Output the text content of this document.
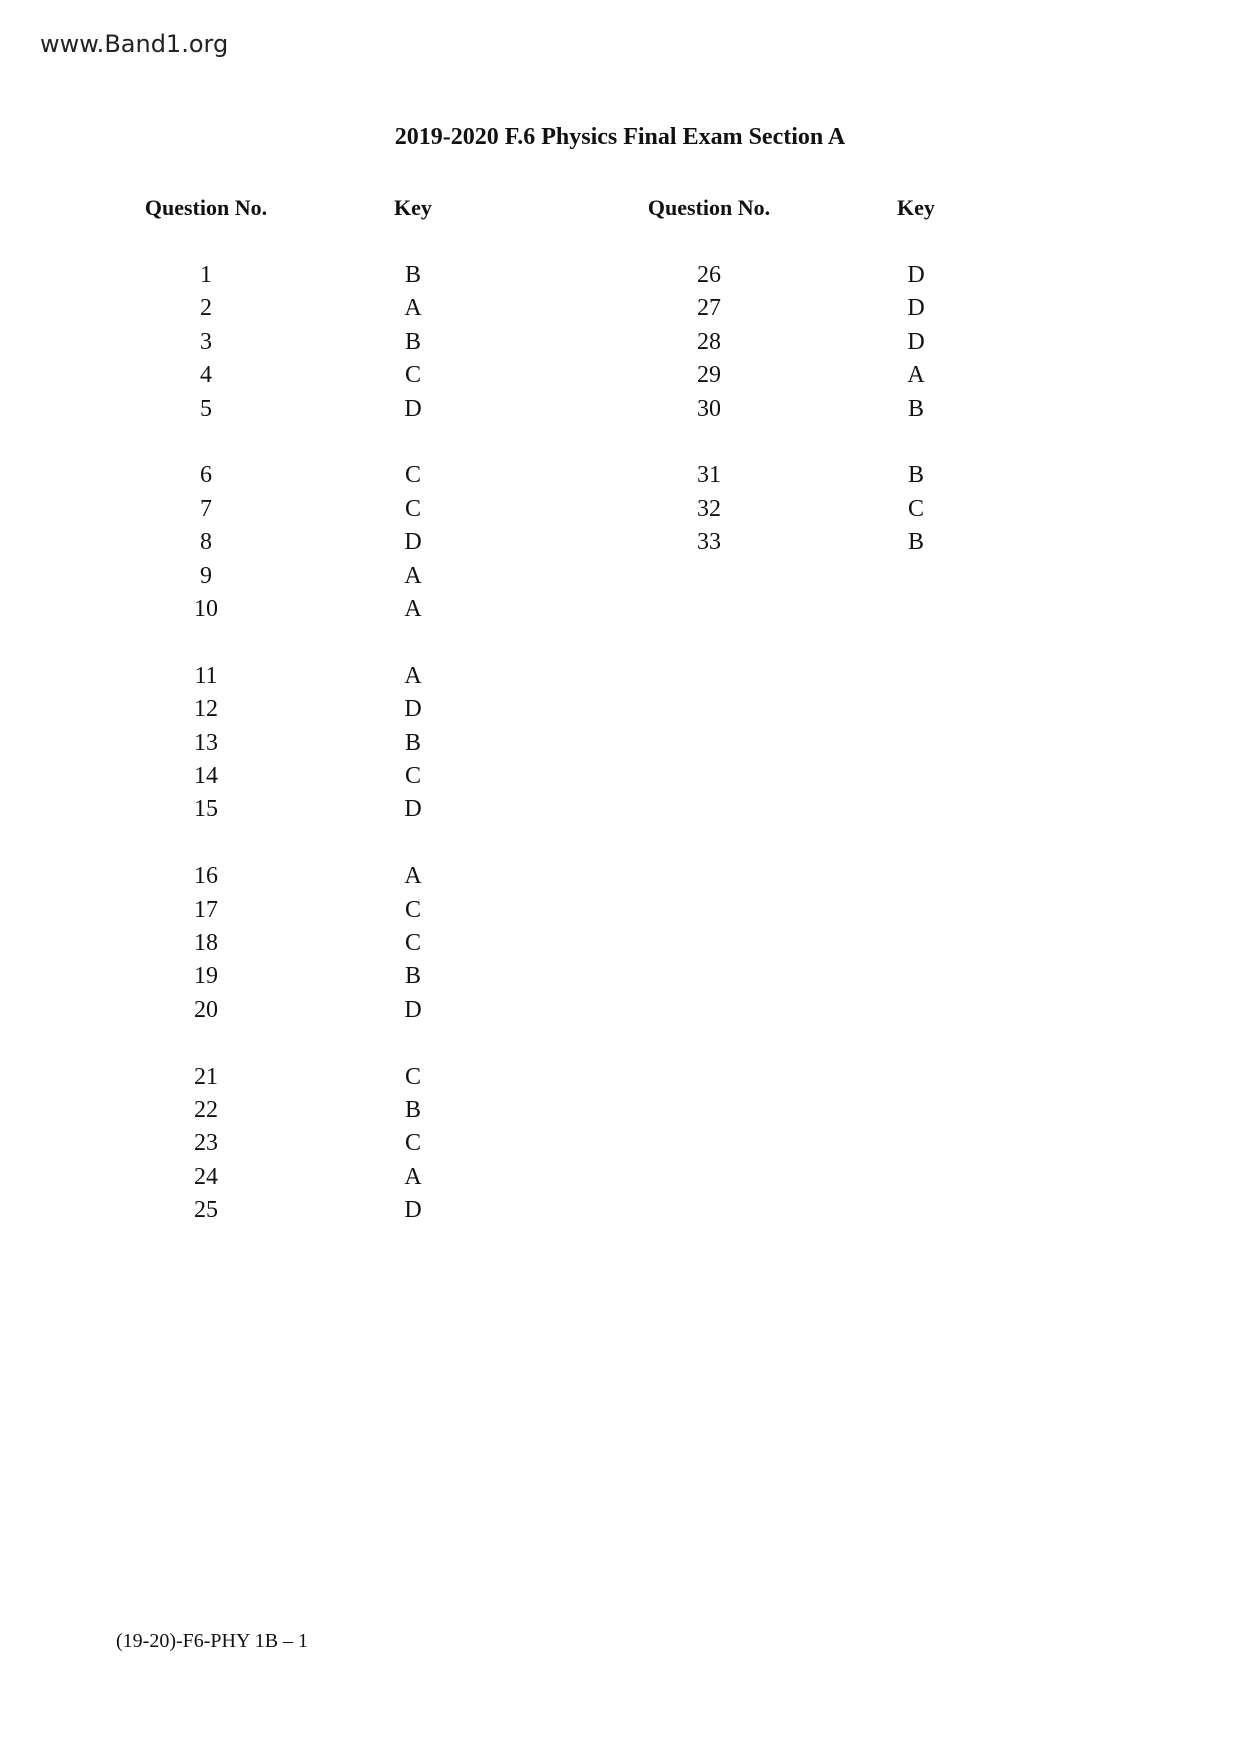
www.Band1.org
2019-2020 F.6 Physics Final Exam Section A
Question No.	Key	Question No.	Key
1	B
2	A
3	B
4	C
5	D
6	C
7	C
8	D
9	A
10	A
11	A
12	D
13	B
14	C
15	D
16	A
17	C
18	C
19	B
20	D
21	C
22	B
23	C
24	A
25	D
26	D
27	D
28	D
29	A
30	B
31	B
32	C
33	B
(19-20)-F6-PHY 1B – 1
